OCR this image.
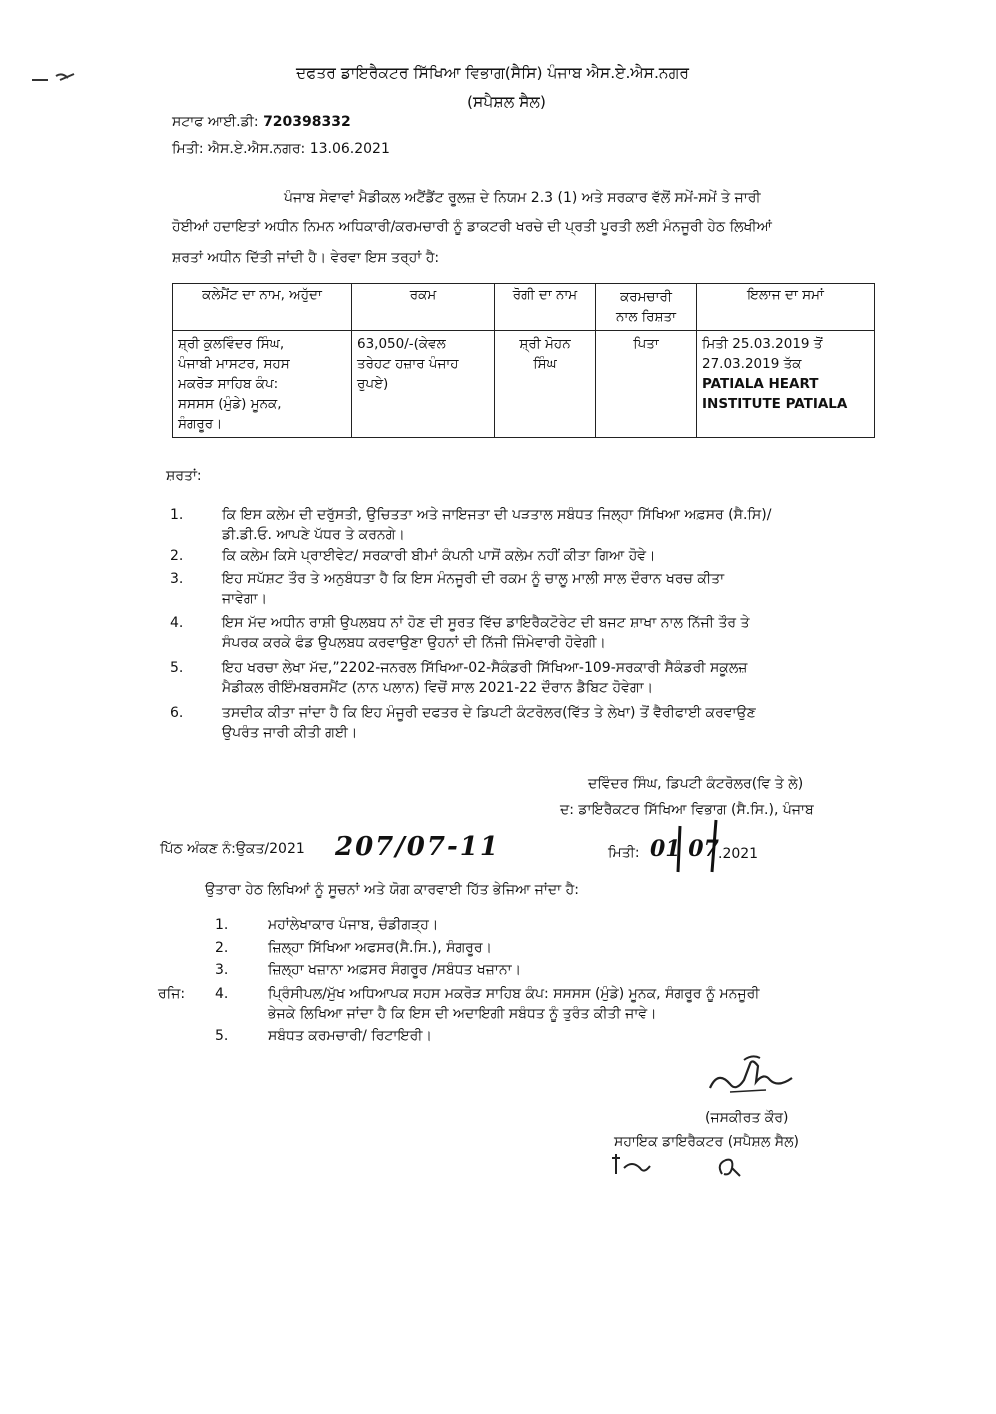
ਦਫਤਰ ਡਾਇਰੈਕਟਰ ਸਿੱਖਿਆ ਵਿਭਾਗ(ਸੈਸਿ) ਪੰਜਾਬ ਐਸ.ਏ.ਐਸ.ਨਗਰ
(ਸਪੈਸ਼ਲ ਸੈਲ)
ਸਟਾਫ ਆਈ.ਡੀ: 720398332
ਮਿਤੀ: ਐਸ.ਏ.ਐਸ.ਨਗਰ: 13.06.2021
ਪੰਜਾਬ ਸੇਵਾਵਾਂ ਮੈਡੀਕਲ ਅਟੈਂਡੈਂਟ ਰੂਲਜ਼ ਦੇ ਨਿਯਮ 2.3 (1) ਅਤੇ ਸਰਕਾਰ ਵੱਲੋਂ ਸਮੇਂ-ਸਮੇਂ ਤੇ ਜਾਰੀ
ਹੋਈਆਂ ਹਦਾਇਤਾਂ ਅਧੀਨ ਨਿਮਨ ਅਧਿਕਾਰੀ/ਕਰਮਚਾਰੀ ਨੂੰ ਡਾਕਟਰੀ ਖਰਚੇ ਦੀ ਪ੍ਰਤੀ ਪੂਰਤੀ ਲਈ ਮੰਨਜੂਰੀ ਹੇਠ ਲਿਖੀਆਂ
ਸ਼ਰਤਾਂ ਅਧੀਨ ਦਿੱਤੀ ਜਾਂਦੀ ਹੈ। ਵੇਰਵਾ ਇਸ ਤਰ੍ਹਾਂ ਹੈ:
ਕਲੇਮੈਂਟ ਦਾ ਨਾਮ, ਅਹੁੱਦਾ	ਰਕਮ	ਰੋਗੀ ਦਾ ਨਾਮ	ਕਰਮਚਾਰੀ
ਨਾਲ ਰਿਸ਼ਤਾ	ਇਲਾਜ ਦਾ ਸਮਾਂ

ਸ਼੍ਰੀ ਕੁਲਵਿੰਦਰ ਸਿੰਘ,
ਪੰਜਾਬੀ ਮਾਸਟਰ, ਸਹਸ
ਮਕਰੋੜ ਸਾਹਿਬ ਕੰਪ:
ਸਸਸਸ (ਮੁੰਡੇ) ਮੂਨਕ,
ਸੰਗਰੂਰ।	63,050/-(ਕੇਵਲ
ਤਰੇਹਟ ਹਜ਼ਾਰ ਪੰਜਾਹ
ਰੁਪਏ)	ਸ਼੍ਰੀ ਮੋਹਨ
ਸਿੰਘ	ਪਿਤਾ	ਮਿਤੀ 25.03.2019 ਤੋਂ
27.03.2019 ਤੱਕ
PATIALA HEART
INSTITUTE PATIALA
ਸ਼ਰਤਾਂ:
1.	ਕਿ ਇਸ ਕਲੇਮ ਦੀ ਦਰੁੱਸਤੀ, ਉਚਿਤਤਾ ਅਤੇ ਜਾਇਜਤਾ ਦੀ ਪੜਤਾਲ ਸਬੰਧਤ ਜਿਲ੍ਹਾ ਸਿੱਖਿਆ ਅਫ਼ਸਰ (ਸੈ.ਸਿ)/
ਡੀ.ਡੀ.ਓ. ਆਪਣੇ ਪੱਧਰ ਤੇ ਕਰਨਗੇ।
2.	ਕਿ ਕਲੇਮ ਕਿਸੇ ਪ੍ਰਾਈਵੇਟ/ ਸਰਕਾਰੀ ਬੀਮਾਂ ਕੰਪਨੀ ਪਾਸੋਂ ਕਲੇਮ ਨਹੀਂ ਕੀਤਾ ਗਿਆ ਹੋਵੇ।
3.	ਇਹ ਸਪੱਸ਼ਟ ਤੌਰ ਤੇ ਅਨੁਬੰਧਤਾ ਹੈ ਕਿ ਇਸ ਮੰਨਜੂਰੀ ਦੀ ਰਕਮ ਨੂੰ ਚਾਲੂ ਮਾਲੀ ਸਾਲ ਦੌਰਾਨ ਖਰਚ ਕੀਤਾ
ਜਾਵੇਗਾ।
4.	ਇਸ ਮੱਦ ਅਧੀਨ ਰਾਸ਼ੀ ਉਪਲਬਧ ਨਾਂ ਹੋਣ ਦੀ ਸੂਰਤ ਵਿੱਚ ਡਾਇਰੈਕਟੋਰੇਟ ਦੀ ਬਜਟ ਸ਼ਾਖਾ ਨਾਲ ਨਿੱਜੀ ਤੌਰ ਤੇ
ਸੰਪਰਕ ਕਰਕੇ ਫੰਡ ਉਪਲਬਧ ਕਰਵਾਉਣਾ ਉਹਨਾਂ ਦੀ ਨਿੱਜੀ ਜਿੰਮੇਵਾਰੀ ਹੋਵੇਗੀ।
5.	ਇਹ ਖਰਚਾ ਲੇਖਾ ਮੱਦ,”2202-ਜਨਰਲ ਸਿੱਖਿਆ-02-ਸੈਕੰਡਰੀ ਸਿੱਖਿਆ-109-ਸਰਕਾਰੀ ਸੈਕੰਡਰੀ ਸਕੂਲਜ਼
ਮੈਡੀਕਲ ਰੀਇੰਮਬਰਸਮੈਂਟ (ਨਾਨ ਪਲਾਨ) ਵਿਚੋਂ ਸਾਲ 2021-22 ਦੌਰਾਨ ਡੈਬਿਟ ਹੋਵੇਗਾ।
6.	ਤਸਦੀਕ ਕੀਤਾ ਜਾਂਦਾ ਹੈ ਕਿ ਇਹ ਮੰਜੂਰੀ ਦਫਤਰ ਦੇ ਡਿਪਟੀ ਕੰਟਰੋਲਰ(ਵਿੱਤ ਤੇ ਲੇਖਾ) ਤੋਂ ਵੈਰੀਫਾਈ ਕਰਵਾਉਣ
ਉਪਰੰਤ ਜਾਰੀ ਕੀਤੀ ਗਈ।
ਦਵਿੰਦਰ ਸਿੰਘ, ਡਿਪਟੀ ਕੰਟਰੋਲਰ(ਵਿ ਤੇ ਲੇ)
ਦ: ਡਾਇਰੈਕਟਰ ਸਿੱਖਿਆ ਵਿਭਾਗ (ਸੈ.ਸਿ.), ਪੰਜਾਬ
ਪਿੱਠ ਅੰਕਣ ਨੰ:ਉਕਤ/2021 207/07-11	ਮਿਤੀ: 01 07 .2021
ਉਤਾਰਾ ਹੇਠ ਲਿਖਿਆਂ ਨੂੰ ਸੂਚਨਾਂ ਅਤੇ ਯੋਗ ਕਾਰਵਾਈ ਹਿੱਤ ਭੇਜਿਆ ਜਾਂਦਾ ਹੈ:
ਰਜਿ:
1.	ਮਹਾਂਲੇਖਾਕਾਰ ਪੰਜਾਬ, ਚੰਡੀਗੜ੍ਹ।
2.	ਜ਼ਿਲ੍ਹਾ ਸਿੱਖਿਆ ਅਫਸਰ(ਸੈ.ਸਿ.), ਸੰਗਰੂਰ।
3.	ਜ਼ਿਲ੍ਹਾ ਖਜ਼ਾਨਾ ਅਫ਼ਸਰ ਸੰਗਰੂਰ /ਸਬੰਧਤ ਖਜ਼ਾਨਾ।
4.	ਪ੍ਰਿੰਸੀਪਲ/ਮੁੱਖ ਅਧਿਆਪਕ ਸਹਸ ਮਕਰੋੜ ਸਾਹਿਬ ਕੰਪ: ਸਸਸਸ (ਮੁੰਡੇ) ਮੂਨਕ, ਸੰਗਰੂਰ ਨੂੰ ਮਨਜੂਰੀ
ਭੇਜਕੇ ਲਿਖਿਆ ਜਾਂਦਾ ਹੈ ਕਿ ਇਸ ਦੀ ਅਦਾਇਗੀ ਸਬੰਧਤ ਨੂੰ ਤੁਰੰਤ ਕੀਤੀ ਜਾਵੇ।
5.	ਸਬੰਧਤ ਕਰਮਚਾਰੀ/ ਰਿਟਾਇਰੀ।
(ਜਸਕੀਰਤ ਕੌਰ)
ਸਹਾਇਕ ਡਾਇਰੈਕਟਰ (ਸਪੈਸ਼ਲ ਸੈਲ)
